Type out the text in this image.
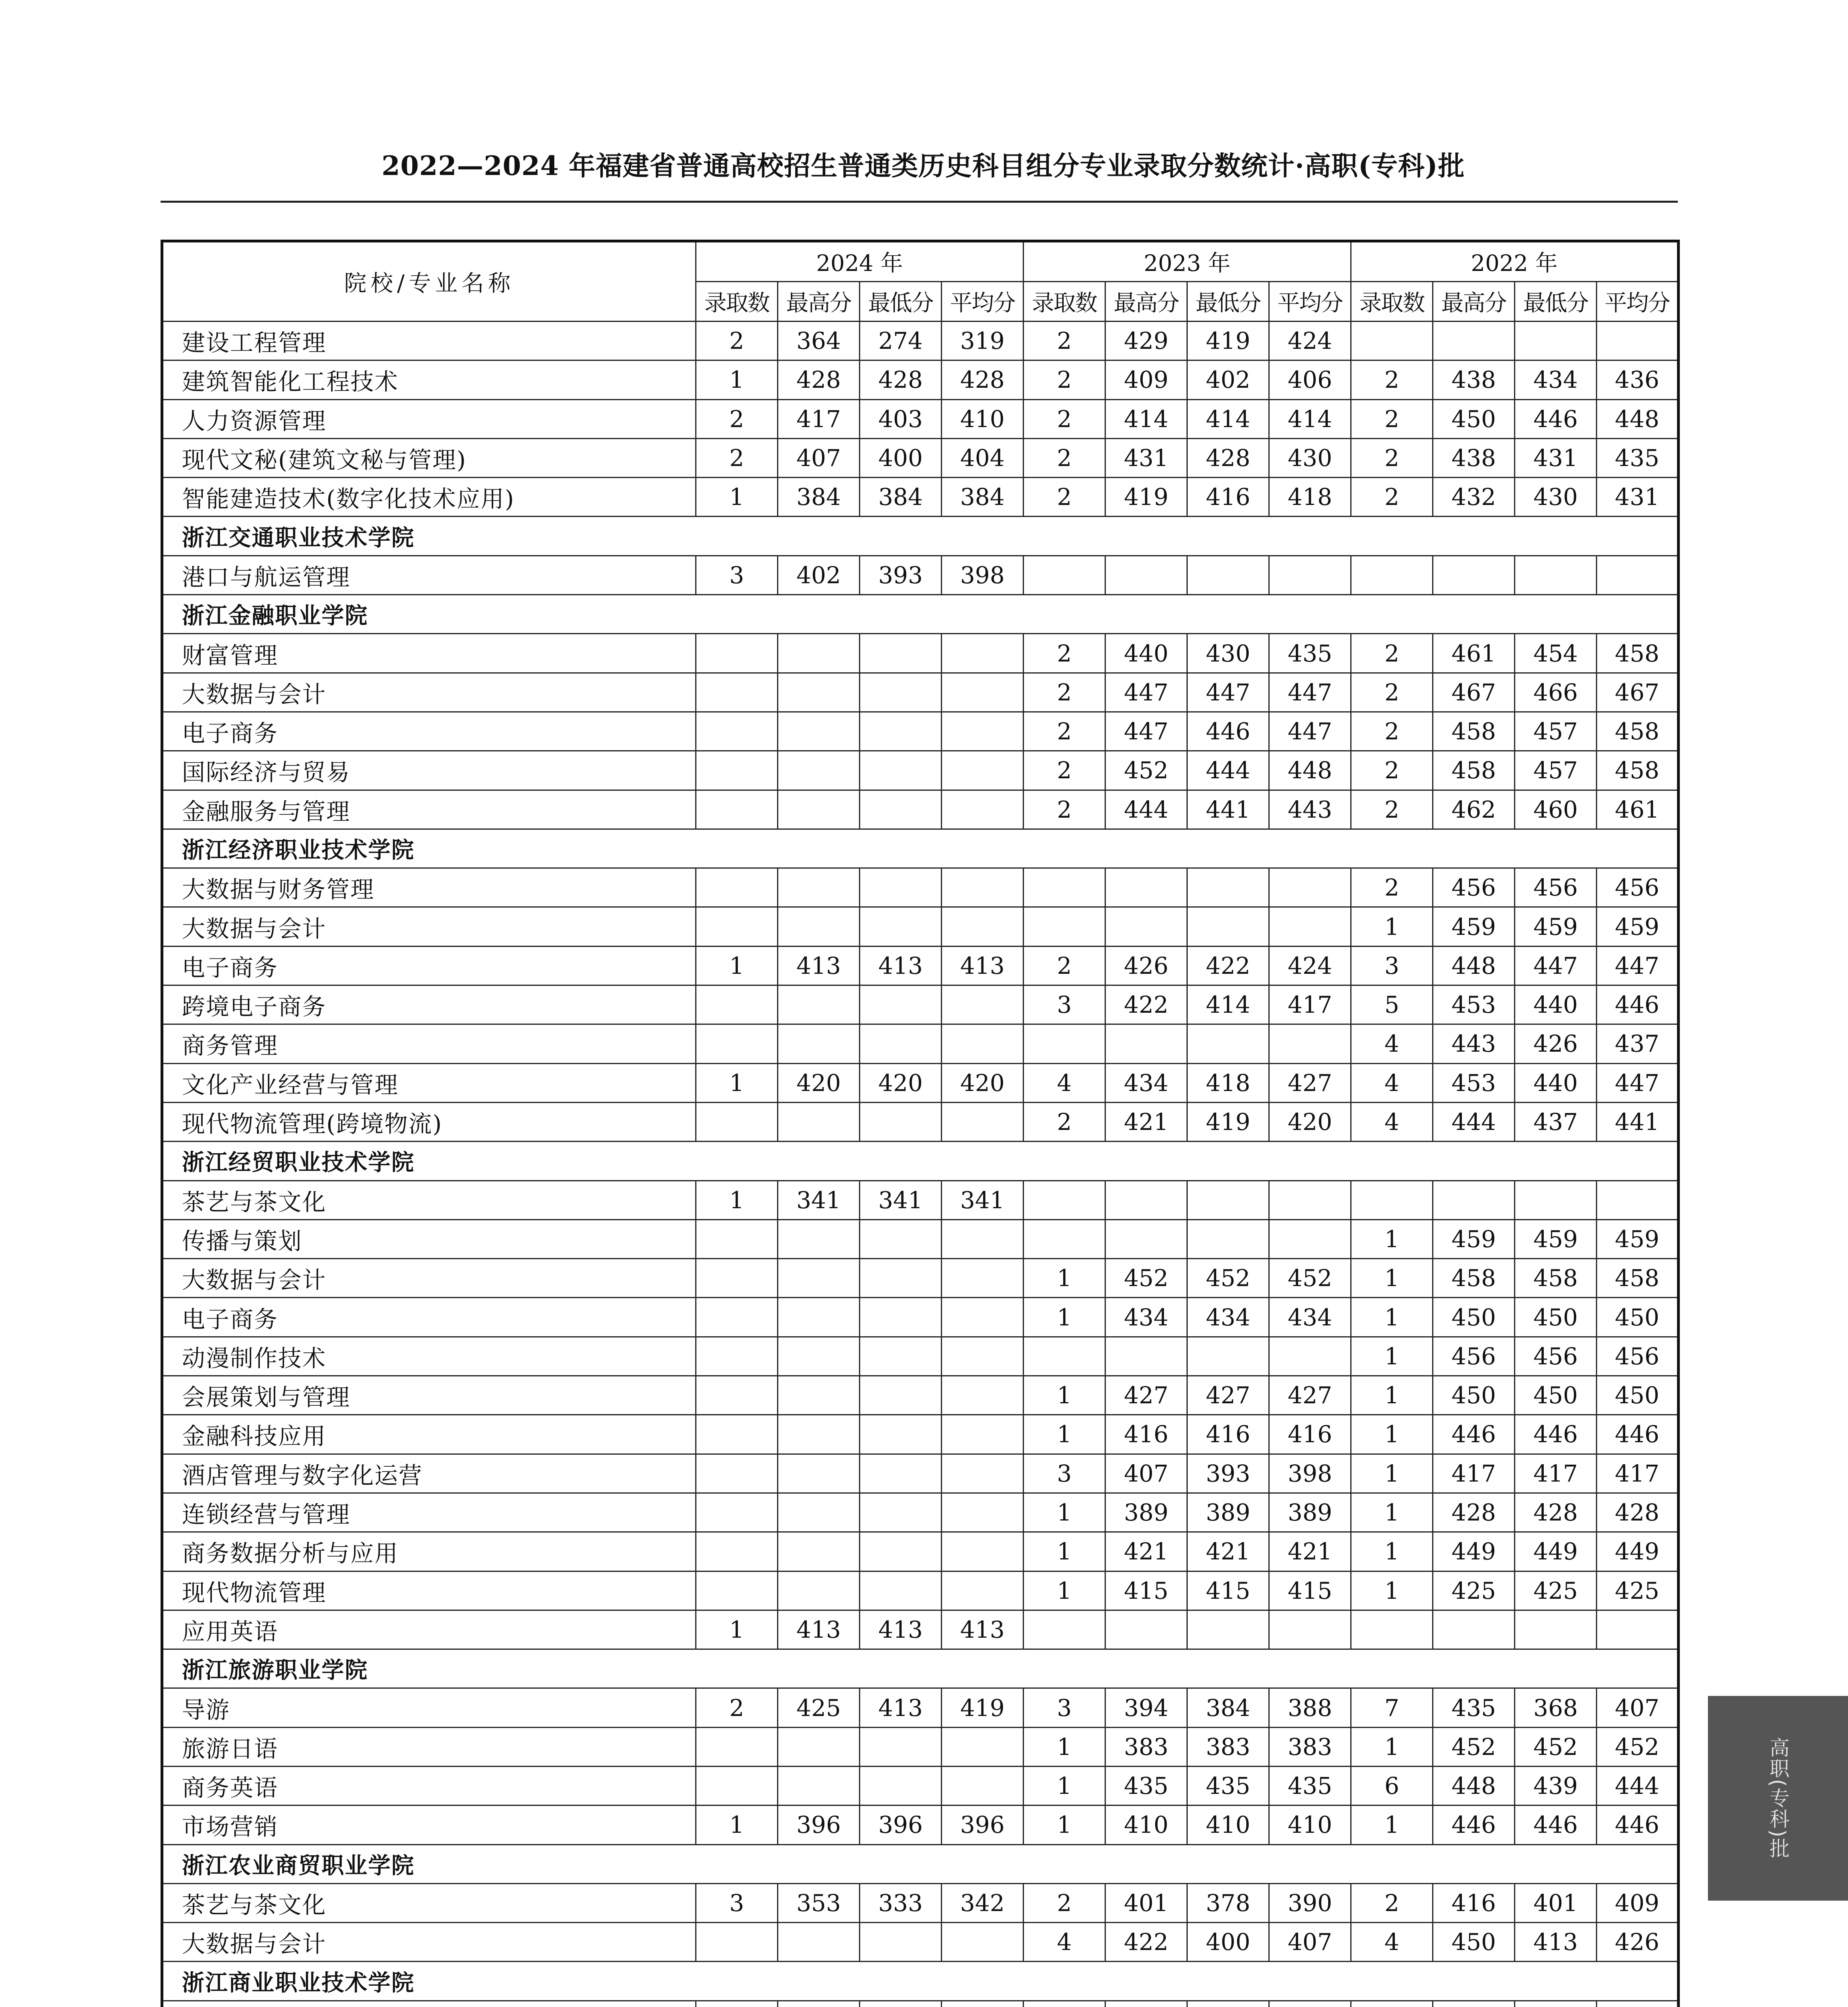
2022—2024 年福建省普通高校招生普通类历史科目组分专业录取分数统计·高职(专科)批
院校/专业名称	2024 年				2023 年				2022 年			
	录取数	最高分	最低分	平均分	录取数	最高分	最低分	平均分	录取数	最高分	最低分	平均分
建设工程管理	2	364	274	319	2	429	419	424				
建筑智能化工程技术	1	428	428	428	2	409	402	406	2	438	434	436
人力资源管理	2	417	403	410	2	414	414	414	2	450	446	448
现代文秘(建筑文秘与管理)	2	407	400	404	2	431	428	430	2	438	431	435
智能建造技术(数字化技术应用)	1	384	384	384	2	419	416	418	2	432	430	431
浙江交通职业技术学院												
港口与航运管理	3	402	393	398								
浙江金融职业学院												
财富管理					2	440	430	435	2	461	454	458
大数据与会计					2	447	447	447	2	467	466	467
电子商务					2	447	446	447	2	458	457	458
国际经济与贸易					2	452	444	448	2	458	457	458
金融服务与管理					2	444	441	443	2	462	460	461
浙江经济职业技术学院												
大数据与财务管理									2	456	456	456
大数据与会计									1	459	459	459
电子商务	1	413	413	413	2	426	422	424	3	448	447	447
跨境电子商务					3	422	414	417	5	453	440	446
商务管理									4	443	426	437
文化产业经营与管理	1	420	420	420	4	434	418	427	4	453	440	447
现代物流管理(跨境物流)					2	421	419	420	4	444	437	441
浙江经贸职业技术学院												
茶艺与茶文化	1	341	341	341								
传播与策划									1	459	459	459
大数据与会计					1	452	452	452	1	458	458	458
电子商务					1	434	434	434	1	450	450	450
动漫制作技术									1	456	456	456
会展策划与管理					1	427	427	427	1	450	450	450
金融科技应用					1	416	416	416	1	446	446	446
酒店管理与数字化运营					3	407	393	398	1	417	417	417
连锁经营与管理					1	389	389	389	1	428	428	428
商务数据分析与应用					1	421	421	421	1	449	449	449
现代物流管理					1	415	415	415	1	425	425	425
应用英语	1	413	413	413								
浙江旅游职业学院												
导游	2	425	413	419	3	394	384	388	7	435	368	407
旅游日语					1	383	383	383	1	452	452	452
商务英语					1	435	435	435	6	448	439	444
市场营销	1	396	396	396	1	410	410	410	1	446	446	446
浙江农业商贸职业学院												
茶艺与茶文化	3	353	333	342	2	401	378	390	2	416	401	409
大数据与会计					4	422	400	407	4	450	413	426
浙江商业职业技术学院												

高职(专科)批
